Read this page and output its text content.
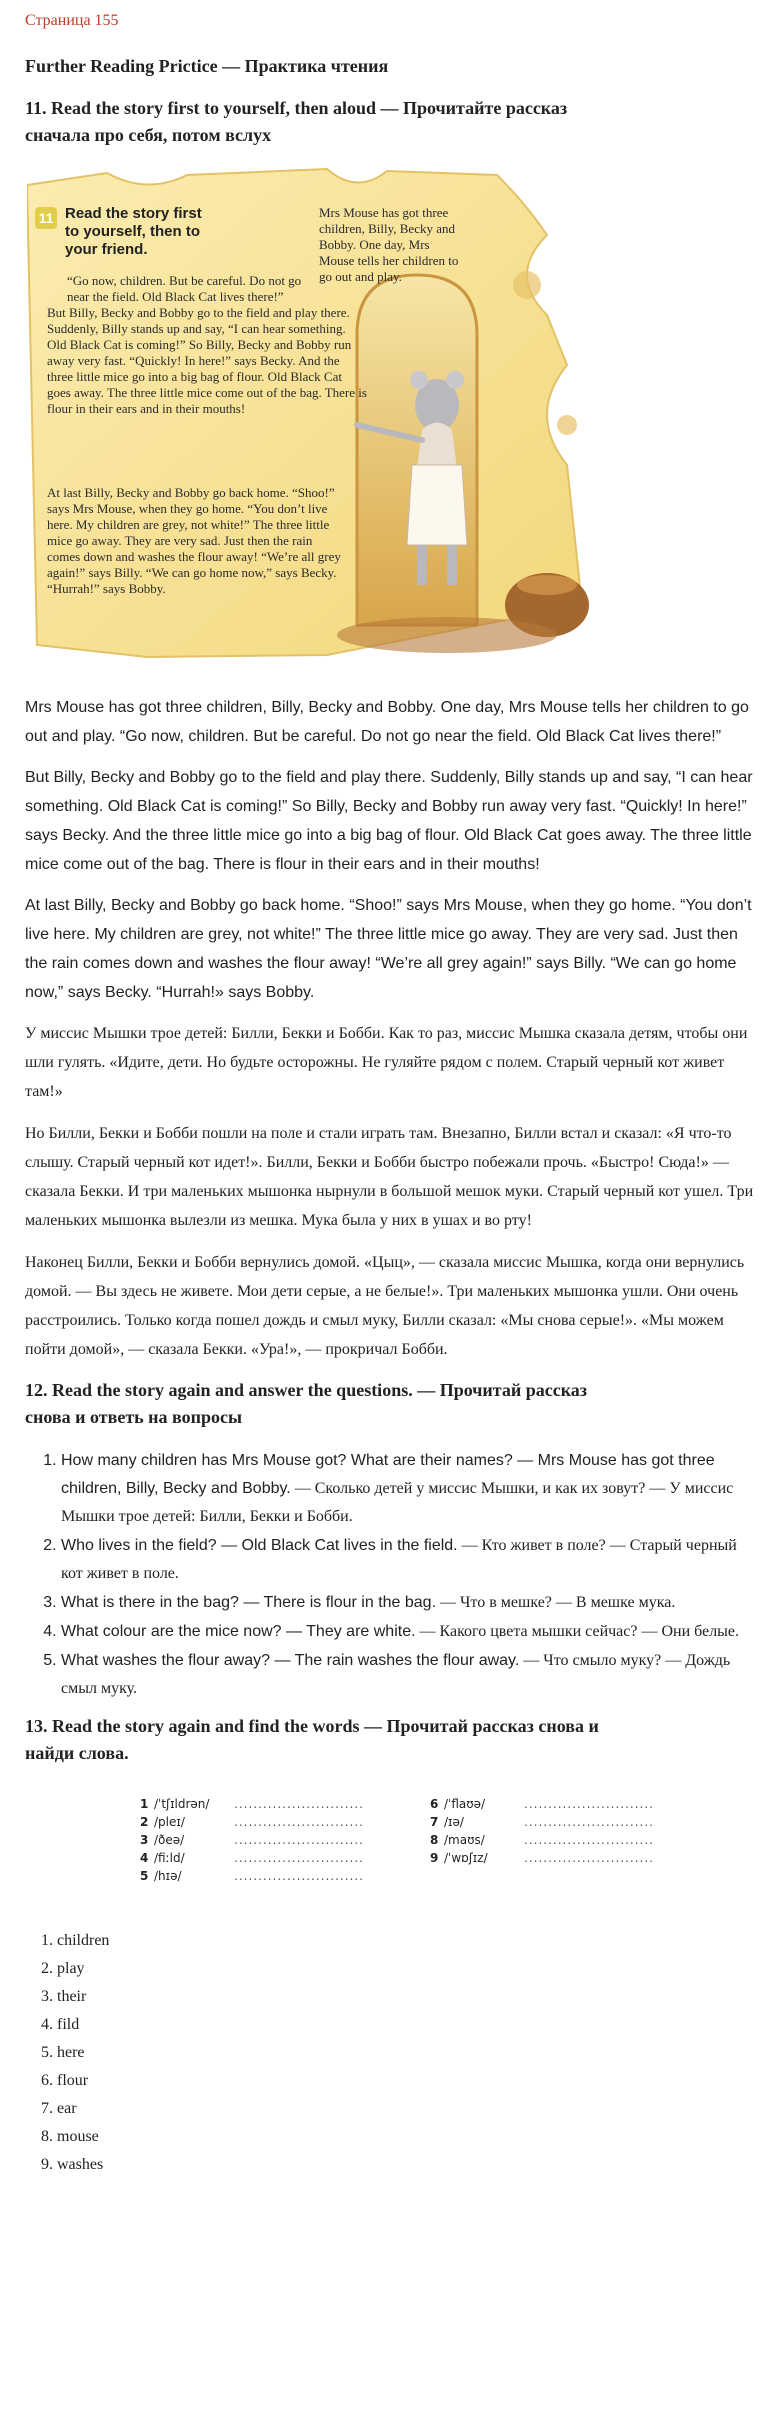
Страница 155

Further Reading Pricticе — Практика чтения
11. Read the story first to yourself, then aloud — Прочитайте рассказ сначала про себя, потом вслух
11 Read the story first to yourself, then to your friend.

Mrs Mouse has got three children, Billy, Becky and Bobby. One day, Mrs Mouse tells her children to go out and play.

“Go now, children. But be careful. Do not go near the field. Old Black Cat lives there!”

But Billy, Becky and Bobby go to the field and play there. Suddenly, Billy stands up and say, “I can hear something. Old Black Cat is coming!” So Billy, Becky and Bobby run away very fast. “Quickly! In here!” says Becky. And the three little mice go into a big bag of flour. Old Black Cat goes away. The three little mice come out of the bag. There is flour in their ears and in their mouths!

At last Billy, Becky and Bobby go back home. “Shoo!” says Mrs Mouse, when they go home. “You don’t live here. My children are grey, not white!” The three little mice go away. They are very sad. Just then the rain comes down and washes the flour away! “We’re all grey again!” says Billy. “We can go home now,” says Becky. “Hurrah!” says Bobby.

Mrs Mouse has got three children, Billy, Becky and Bobby. One day, Mrs Mouse tells her children to go out and play. “Go now, children. But be careful. Do not go near the field. Old Black Cat lives there!”

But Billy, Becky and Bobby go to the field and play there. Suddenly, Billy stands up and say, “I can hear something. Old Black Cat is coming!” So Billy, Becky and Bobby run away very fast. “Quickly! In here!” says Becky. And the three little mice go into a big bag of flour. Old Black Cat goes away. The three little mice come out of the bag. There is flour in their ears and in their mouths!

At last Billy, Becky and Bobby go back home. “Shoo!” says Mrs Mouse, when they go home. “You don’t live here. My children are grey, not white!” The three little mice go away. They are very sad. Just then the rain comes down and washes the flour away! “We’re all grey again!” says Billy. “We can go home now,” says Becky. “Hurrah!» says Bobby.

У миссис Мышки трое детей: Билли, Бекки и Бобби. Как то раз, миссис Мышка сказала детям, чтобы они шли гулять. «Идите, дети. Но будьте осторожны. Не гуляйте рядом с полем. Старый черный кот живет там!»

Но Билли, Бекки и Бобби пошли на поле и стали играть там. Внезапно, Билли встал и сказал: «Я что-то слышу. Старый черный кот идет!». Билли, Бекки и Бобби быстро побежали прочь. «Быстро! Сюда!» — сказала Бекки. И три маленьких мышонка нырнули в большой мешок муки. Старый черный кот ушел. Три маленьких мышонка вылезли из мешка. Мука была у них в ушах и во рту!

Наконец Билли, Бекки и Бобби вернулись домой. «Цыц», — сказала миссис Мышка, когда они вернулись домой. — Вы здесь не живете. Мои дети серые, а не белые!». Три маленьких мышонка ушли. Они очень расстроились. Только когда пошел дождь и смыл муку, Билли сказал: «Мы снова серые!». «Мы можем пойти домой», — сказала Бекки. «Ура!», — прокричал Бобби.

12. Read the story again and answer the questions. — Прочитай рассказ снова и ответь на вопросы
1. How many children has Mrs Mouse got? What are their names? — Mrs Mouse has got three children, Billy, Becky and Bobby. — Сколько детей у миссис Мышки, и как их зовут? — У миссис Мышки трое детей: Билли, Бекки и Бобби.
2. Who lives in the field? — Old Black Cat lives in the field. — Кто живет в поле? — Старый черный кот живет в поле.
3. What is there in the bag? — There is flour in the bag. — Что в мешке? — В мешке мука.
4. What colour are the mice now? — They are white. — Какого цвета мышки сейчас? — Они белые.
5. What washes the flour away? — The rain washes the flour away. — Что смыло муку? — Дождь смыл муку.
13. Read the story again and find the words — Прочитай рассказ снова и найди слова.
1 /ˈtʃɪldrən/ ...........................
2 /pleɪ/	...........................
3 /ðeə/	...........................
4 /fiːld/	...........................
5 /hɪə/	...........................
6 /ˈflaʊə/	...........................
7 /ɪə/	...........................
8 /maʊs/	...........................
9 /ˈwɒʃɪz/	...........................
1. children
2. play
3. their
4. fild
5. here
6. flour
7. ear
8. mouse
9. washes
